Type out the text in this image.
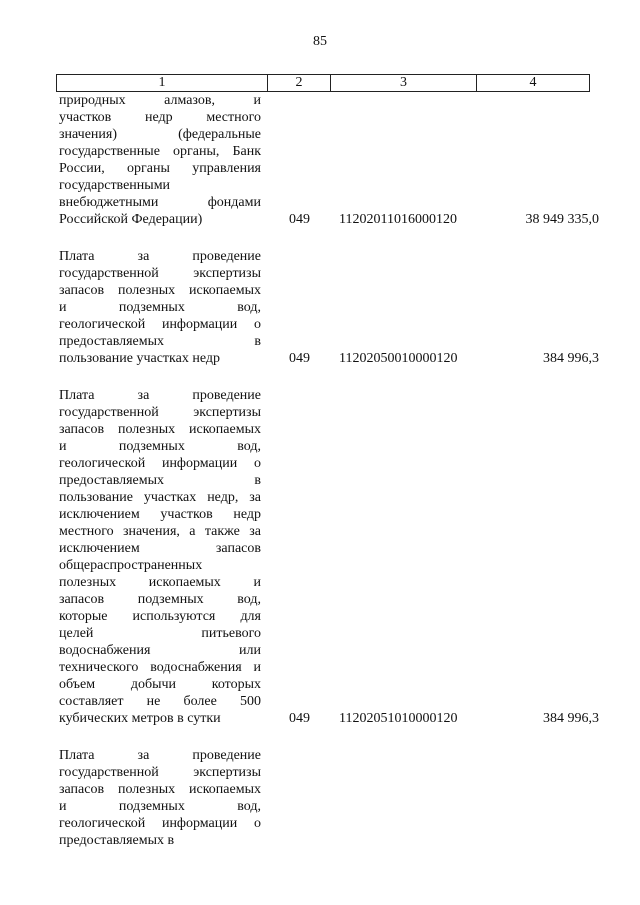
85
1	2	3	4
природных алмазов, и
участков недр местного
значения) (федеральные
государственные органы, Банк
России, органы управления
государственными
внебюджетными фондами
Российской Федерации)	049	11202011016000120	38 949 335,0
Плата за проведение
государственной экспертизы
запасов полезных ископаемых
и подземных вод,
геологической информации о
предоставляемых в
пользование участках недр	049	11202050010000120	384 996,3
Плата за проведение
государственной экспертизы
запасов полезных ископаемых
и подземных вод,
геологической информации о
предоставляемых в
пользование участках недр, за
исключением участков недр
местного значения, а также за
исключением запасов
общераспространенных
полезных ископаемых и
запасов подземных вод,
которые используются для
целей питьевого
водоснабжения или
технического водоснабжения и
объем добычи которых
составляет не более 500
кубических метров в сутки	049	11202051010000120	384 996,3
Плата за проведение
государственной экспертизы
запасов полезных ископаемых
и подземных вод,
геологической информации о
предоставляемых в
